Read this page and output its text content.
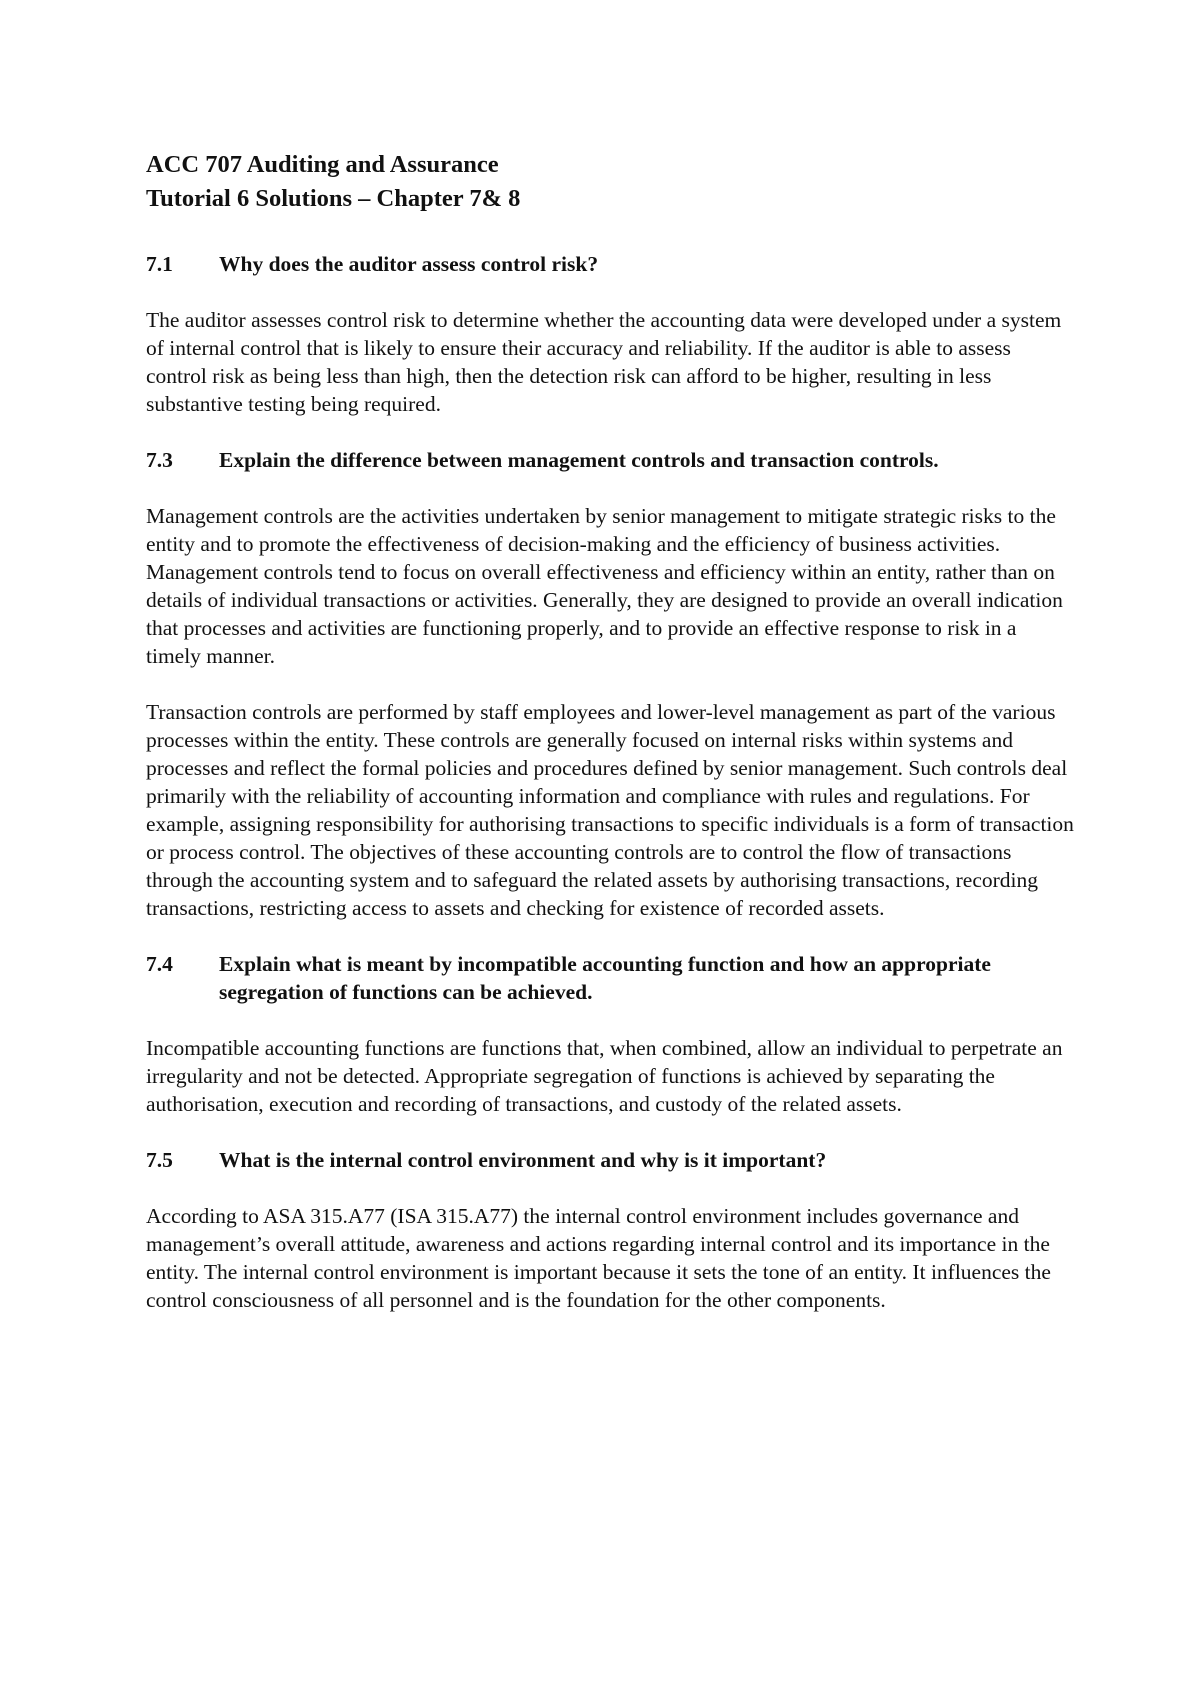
ACC 707 Auditing and Assurance

Tutorial 6 Solutions – Chapter 7& 8

7.1	Why does the auditor assess control risk?

The auditor assesses control risk to determine whether the accounting data were developed under a system of internal control that is likely to ensure their accuracy and reliability. If the auditor is able to assess control risk as being less than high, then the detection risk can afford to be higher, resulting in less substantive testing being required.

7.3	Explain the difference between management controls and transaction controls.

Management controls are the activities undertaken by senior management to mitigate strategic risks to the entity and to promote the effectiveness of decision-making and the efficiency of business activities. Management controls tend to focus on overall effectiveness and efficiency within an entity, rather than on details of individual transactions or activities. Generally, they are designed to provide an overall indication that processes and activities are functioning properly, and to provide an effective response to risk in a timely manner.

Transaction controls are performed by staff employees and lower-level management as part of the various processes within the entity. These controls are generally focused on internal risks within systems and processes and reflect the formal policies and procedures defined by senior management. Such controls deal primarily with the reliability of accounting information and compliance with rules and regulations. For example, assigning responsibility for authorising transactions to specific individuals is a form of transaction or process control. The objectives of these accounting controls are to control the flow of transactions through the accounting system and to safeguard the related assets by authorising transactions, recording transactions, restricting access to assets and checking for existence of recorded assets.

7.4	Explain what is meant by incompatible accounting function and how an appropriate segregation of functions can be achieved.

Incompatible accounting functions are functions that, when combined, allow an individual to perpetrate an irregularity and not be detected. Appropriate segregation of functions is achieved by separating the authorisation, execution and recording of transactions, and custody of the related assets.

7.5	What is the internal control environment and why is it important?

According to ASA 315.A77 (ISA 315.A77) the internal control environment includes governance and management’s overall attitude, awareness and actions regarding internal control and its importance in the entity. The internal control environment is important because it sets the tone of an entity. It influences the control consciousness of all personnel and is the foundation for the other components.
